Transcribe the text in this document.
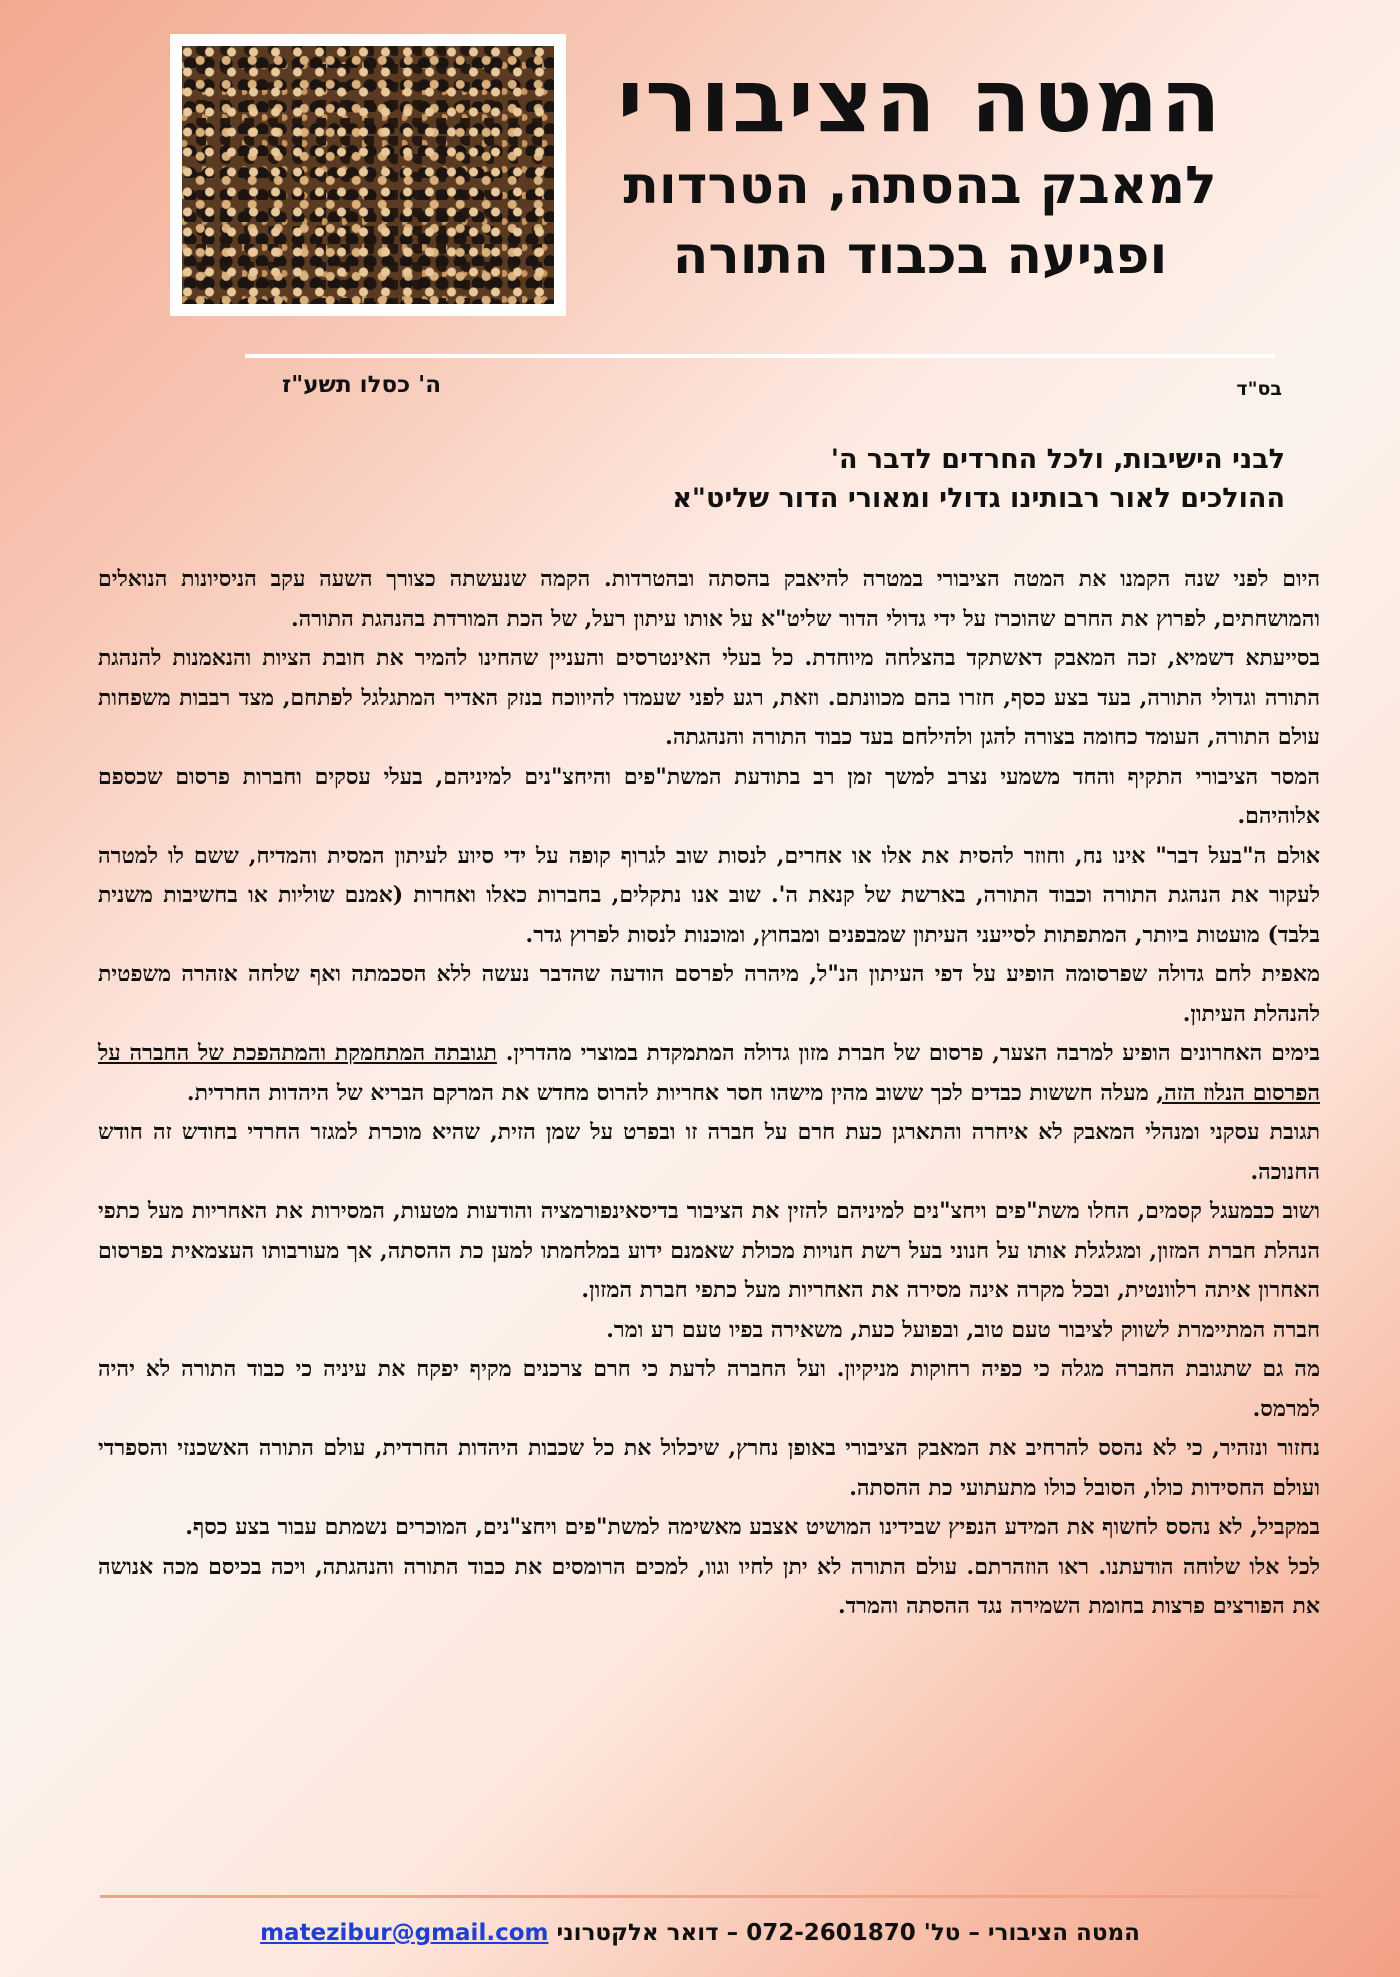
המטה הציבורי
למאבק בהסתה, הטרדות
ופגיעה בכבוד התורה
בס"ד
ה' כסלו תשע"ז
לבני הישיבות, ולכל החרדים לדבר ה'
ההולכים לאור רבותינו גדולי ומאורי הדור שליט"א

היום לפני שנה הקמנו את המטה הציבורי במטרה להיאבק בהסתה ובהטרדות. הקמה שנעשתה כצורך השעה עקב הניסיונות הנואלים והמושחתים, לפרוץ את החרם שהוכרז על ידי גדולי הדור שליט"א על אותו עיתון רעל, של הכת המורדת בהנהגת התורה.

בסייעתא דשמיא, זכה המאבק דאשתקד בהצלחה מיוחדת. כל בעלי האינטרסים והעניין שהחינו להמיר את חובת הציות והנאמנות להנהגת התורה וגדולי התורה, בעד בצע כסף, חזרו בהם מכוונתם. וזאת, רגע לפני שעמדו להיווכח בנזק האדיר המתגלגל לפתחם, מצד רבבות משפחות עולם התורה, העומד כחומה בצורה להגן ולהילחם בעד כבוד התורה והנהגתה.

המסר הציבורי התקיף והחד משמעי נצרב למשך זמן רב בתודעת המשת"פים והיחצ"נים למיניהם, בעלי עסקים וחברות פרסום שכספם אלוהיהם.

אולם ה"בעל דבר" אינו נח, וחוזר להסית את אלו או אחרים, לנסות שוב לגרוף קופה על ידי סיוע לעיתון המסית והמדיח, ששם לו למטרה לעקור את הנהגת התורה וכבוד התורה, בארשת של קנאת ה'. שוב אנו נתקלים, בחברות כאלו ואחרות (אמנם שוליות או בחשיבות משנית בלבד) מועטות ביותר, המתפתות לסייעני העיתון שמבפנים ומבחוץ, ומוכנות לנסות לפרוץ גדר.

מאפית לחם גדולה שפרסומה הופיע על דפי העיתון הנ"ל, מיהרה לפרסם הודעה שהדבר נעשה ללא הסכמתה ואף שלחה אזהרה משפטית להנהלת העיתון.

בימים האחרונים הופיע למרבה הצער, פרסום של חברת מזון גדולה המתמקדת במוצרי מהדרין. תגובתה המתחמקת והמתהפכת של החברה על הפרסום הנלוז הזה, מעלה חששות כבדים לכך ששוב מהין מישהו חסר אחריות להרוס מחדש את המרקם הבריא של היהדות החרדית.

תגובת עסקני ומנהלי המאבק לא איחרה והתארגן כעת חרם על חברה זו ובפרט על שמן הזית, שהיא מוכרת למגזר החרדי בחודש זה חודש החנוכה.

ושוב כבמעגל קסמים, החלו משת"פים ויחצ"נים למיניהם להזין את הציבור בדיסאינפורמציה והודעות מטעות, המסירות את האחריות מעל כתפי הנהלת חברת המזון, ומגלגלת אותו על חנוני בעל רשת חנויות מכולת שאמנם ידוע במלחמתו למען כת ההסתה, אך מעורבותו העצמאית בפרסום האחרון איתה רלוונטית, ובכל מקרה אינה מסירה את האחריות מעל כתפי חברת המזון.

חברה המתיימרת לשווק לציבור טעם טוב, ובפועל כעת, משאירה בפיו טעם רע ומר.

מה גם שתגובת החברה מגלה כי כפיה רחוקות מניקיון. ועל החברה לדעת כי חרם צרכנים מקיף יפקח את עיניה כי כבוד התורה לא יהיה למרמס.

נחזור ונזהיר, כי לא נהסס להרחיב את המאבק הציבורי באופן נחרץ, שיכלול את כל שכבות היהדות החרדית, עולם התורה האשכנזי והספרדי ועולם החסידות כולו, הסובל כולו מתעתועי כת ההסתה.

במקביל, לא נהסס לחשוף את המידע הנפיץ שבידינו המושיט אצבע מאשימה למשת"פים ויחצ"נים, המוכרים נשמתם עבור בצע כסף.

לכל אלו שלוחה הודעתנו. ראו הוזהרתם. עולם התורה לא יתן לחיו וגוו, למכים הרומסים את כבוד התורה והנהגתה, ויכה בכיסם מכה אנושה את הפורצים פרצות בחומת השמירה נגד ההסתה והמרד.

המטה הציבורי – טל' 072-2601870 – דואר אלקטרוני matezibur@gmail.com
